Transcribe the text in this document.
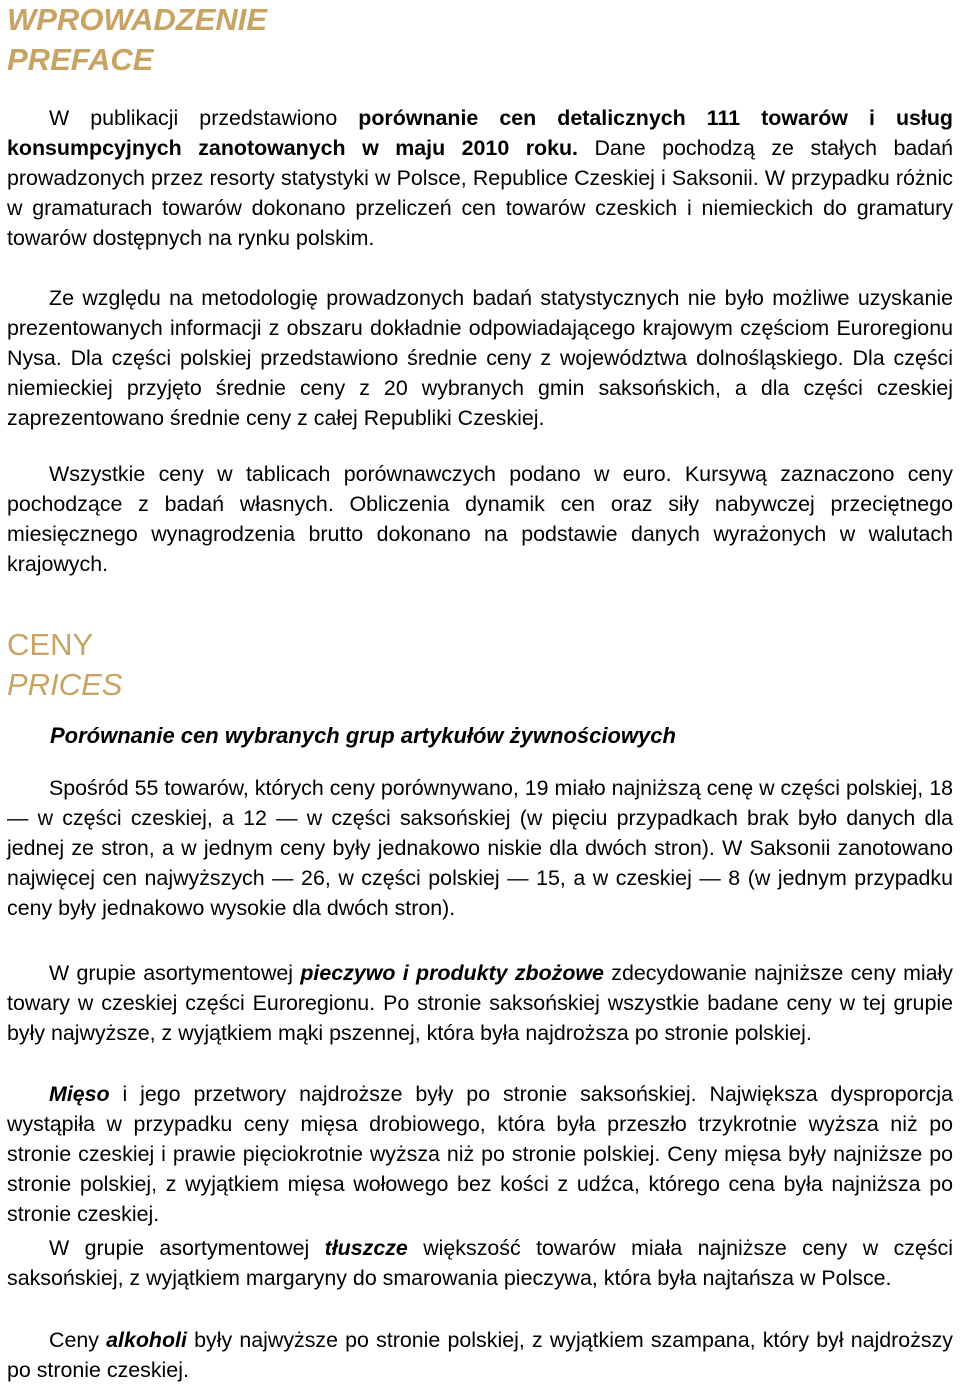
WPROWADZENIE
PREFACE

W publikacji przedstawiono porównanie cen detalicznych 111 towarów i usług konsumpcyjnych zanotowanych w maju 2010 roku. Dane pochodzą ze stałych badań prowadzonych przez resorty statystyki w Polsce, Republice Czeskiej i Saksonii. W przypadku różnic w gramaturach towarów dokonano przeliczeń cen towarów czeskich i niemieckich do gramatury towarów dostępnych na rynku polskim.

Ze względu na metodologię prowadzonych badań statystycznych nie było możliwe uzyskanie prezentowanych informacji z obszaru dokładnie odpowiadającego krajowym częściom Euroregionu Nysa. Dla części polskiej przedstawiono średnie ceny z województwa dolnośląskiego. Dla części niemieckiej przyjęto średnie ceny z 20 wybranych gmin saksońskich, a dla części czeskiej zaprezentowano średnie ceny z całej Republiki Czeskiej.

Wszystkie ceny w tablicach porównawczych podano w euro. Kursywą zaznaczono ceny pochodzące z badań własnych. Obliczenia dynamik cen oraz siły nabywczej przeciętnego miesięcznego wynagrodzenia brutto dokonano na podstawie danych wyrażonych w walutach krajowych.

CENY
PRICES
Porównanie cen wybranych grup artykułów żywnościowych

Spośród 55 towarów, których ceny porównywano, 19 miało najniższą cenę w części polskiej, 18 — w części czeskiej, a 12 — w części saksońskiej (w pięciu przypadkach brak było danych dla jednej ze stron, a w jednym ceny były jednakowo niskie dla dwóch stron). W Saksonii zanotowano najwięcej cen najwyższych — 26, w części polskiej — 15, a w czeskiej — 8 (w jednym przypadku ceny były jednakowo wysokie dla dwóch stron).

W grupie asortymentowej pieczywo i produkty zbożowe zdecydowanie najniższe ceny miały towary w czeskiej części Euroregionu. Po stronie saksońskiej wszystkie badane ceny w tej grupie były najwyższe, z wyjątkiem mąki pszennej, która była najdroższa po stronie polskiej.

Mięso i jego przetwory najdroższe były po stronie saksońskiej. Największa dysproporcja wystąpiła w przypadku ceny mięsa drobiowego, która była przeszło trzykrotnie wyższa niż po stronie czeskiej i prawie pięciokrotnie wyższa niż po stronie polskiej. Ceny mięsa były najniższe po stronie polskiej, z wyjątkiem mięsa wołowego bez kości z udźca, którego cena była najniższa po stronie czeskiej.

W grupie asortymentowej tłuszcze większość towarów miała najniższe ceny w części saksońskiej, z wyjątkiem margaryny do smarowania pieczywa, która była najtańsza w Polsce.

Ceny alkoholi były najwyższe po stronie polskiej, z wyjątkiem szampana, który był najdroższy po stronie czeskiej.
